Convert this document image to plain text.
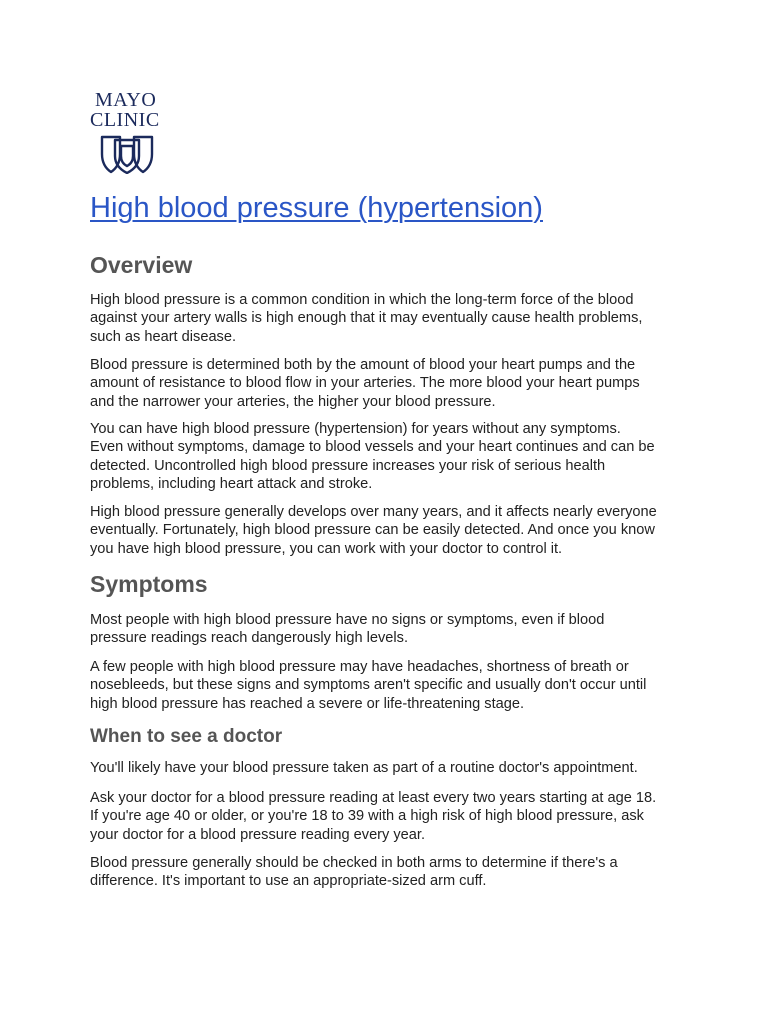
MAYO
CLINIC
High blood pressure (hypertension)
Overview

High blood pressure is a common condition in which the long-term force of the blood
against your artery walls is high enough that it may eventually cause health problems,
such as heart disease.

Blood pressure is determined both by the amount of blood your heart pumps and the
amount of resistance to blood flow in your arteries. The more blood your heart pumps
and the narrower your arteries, the higher your blood pressure.

You can have high blood pressure (hypertension) for years without any symptoms.
Even without symptoms, damage to blood vessels and your heart continues and can be
detected. Uncontrolled high blood pressure increases your risk of serious health
problems, including heart attack and stroke.

High blood pressure generally develops over many years, and it affects nearly everyone
eventually. Fortunately, high blood pressure can be easily detected. And once you know
you have high blood pressure, you can work with your doctor to control it.

Symptoms

Most people with high blood pressure have no signs or symptoms, even if blood
pressure readings reach dangerously high levels.

A few people with high blood pressure may have headaches, shortness of breath or
nosebleeds, but these signs and symptoms aren't specific and usually don't occur until
high blood pressure has reached a severe or life-threatening stage.

When to see a doctor

You'll likely have your blood pressure taken as part of a routine doctor's appointment.

Ask your doctor for a blood pressure reading at least every two years starting at age 18.
If you're age 40 or older, or you're 18 to 39 with a high risk of high blood pressure, ask
your doctor for a blood pressure reading every year.

Blood pressure generally should be checked in both arms to determine if there's a
difference. It's important to use an appropriate-sized arm cuff.
